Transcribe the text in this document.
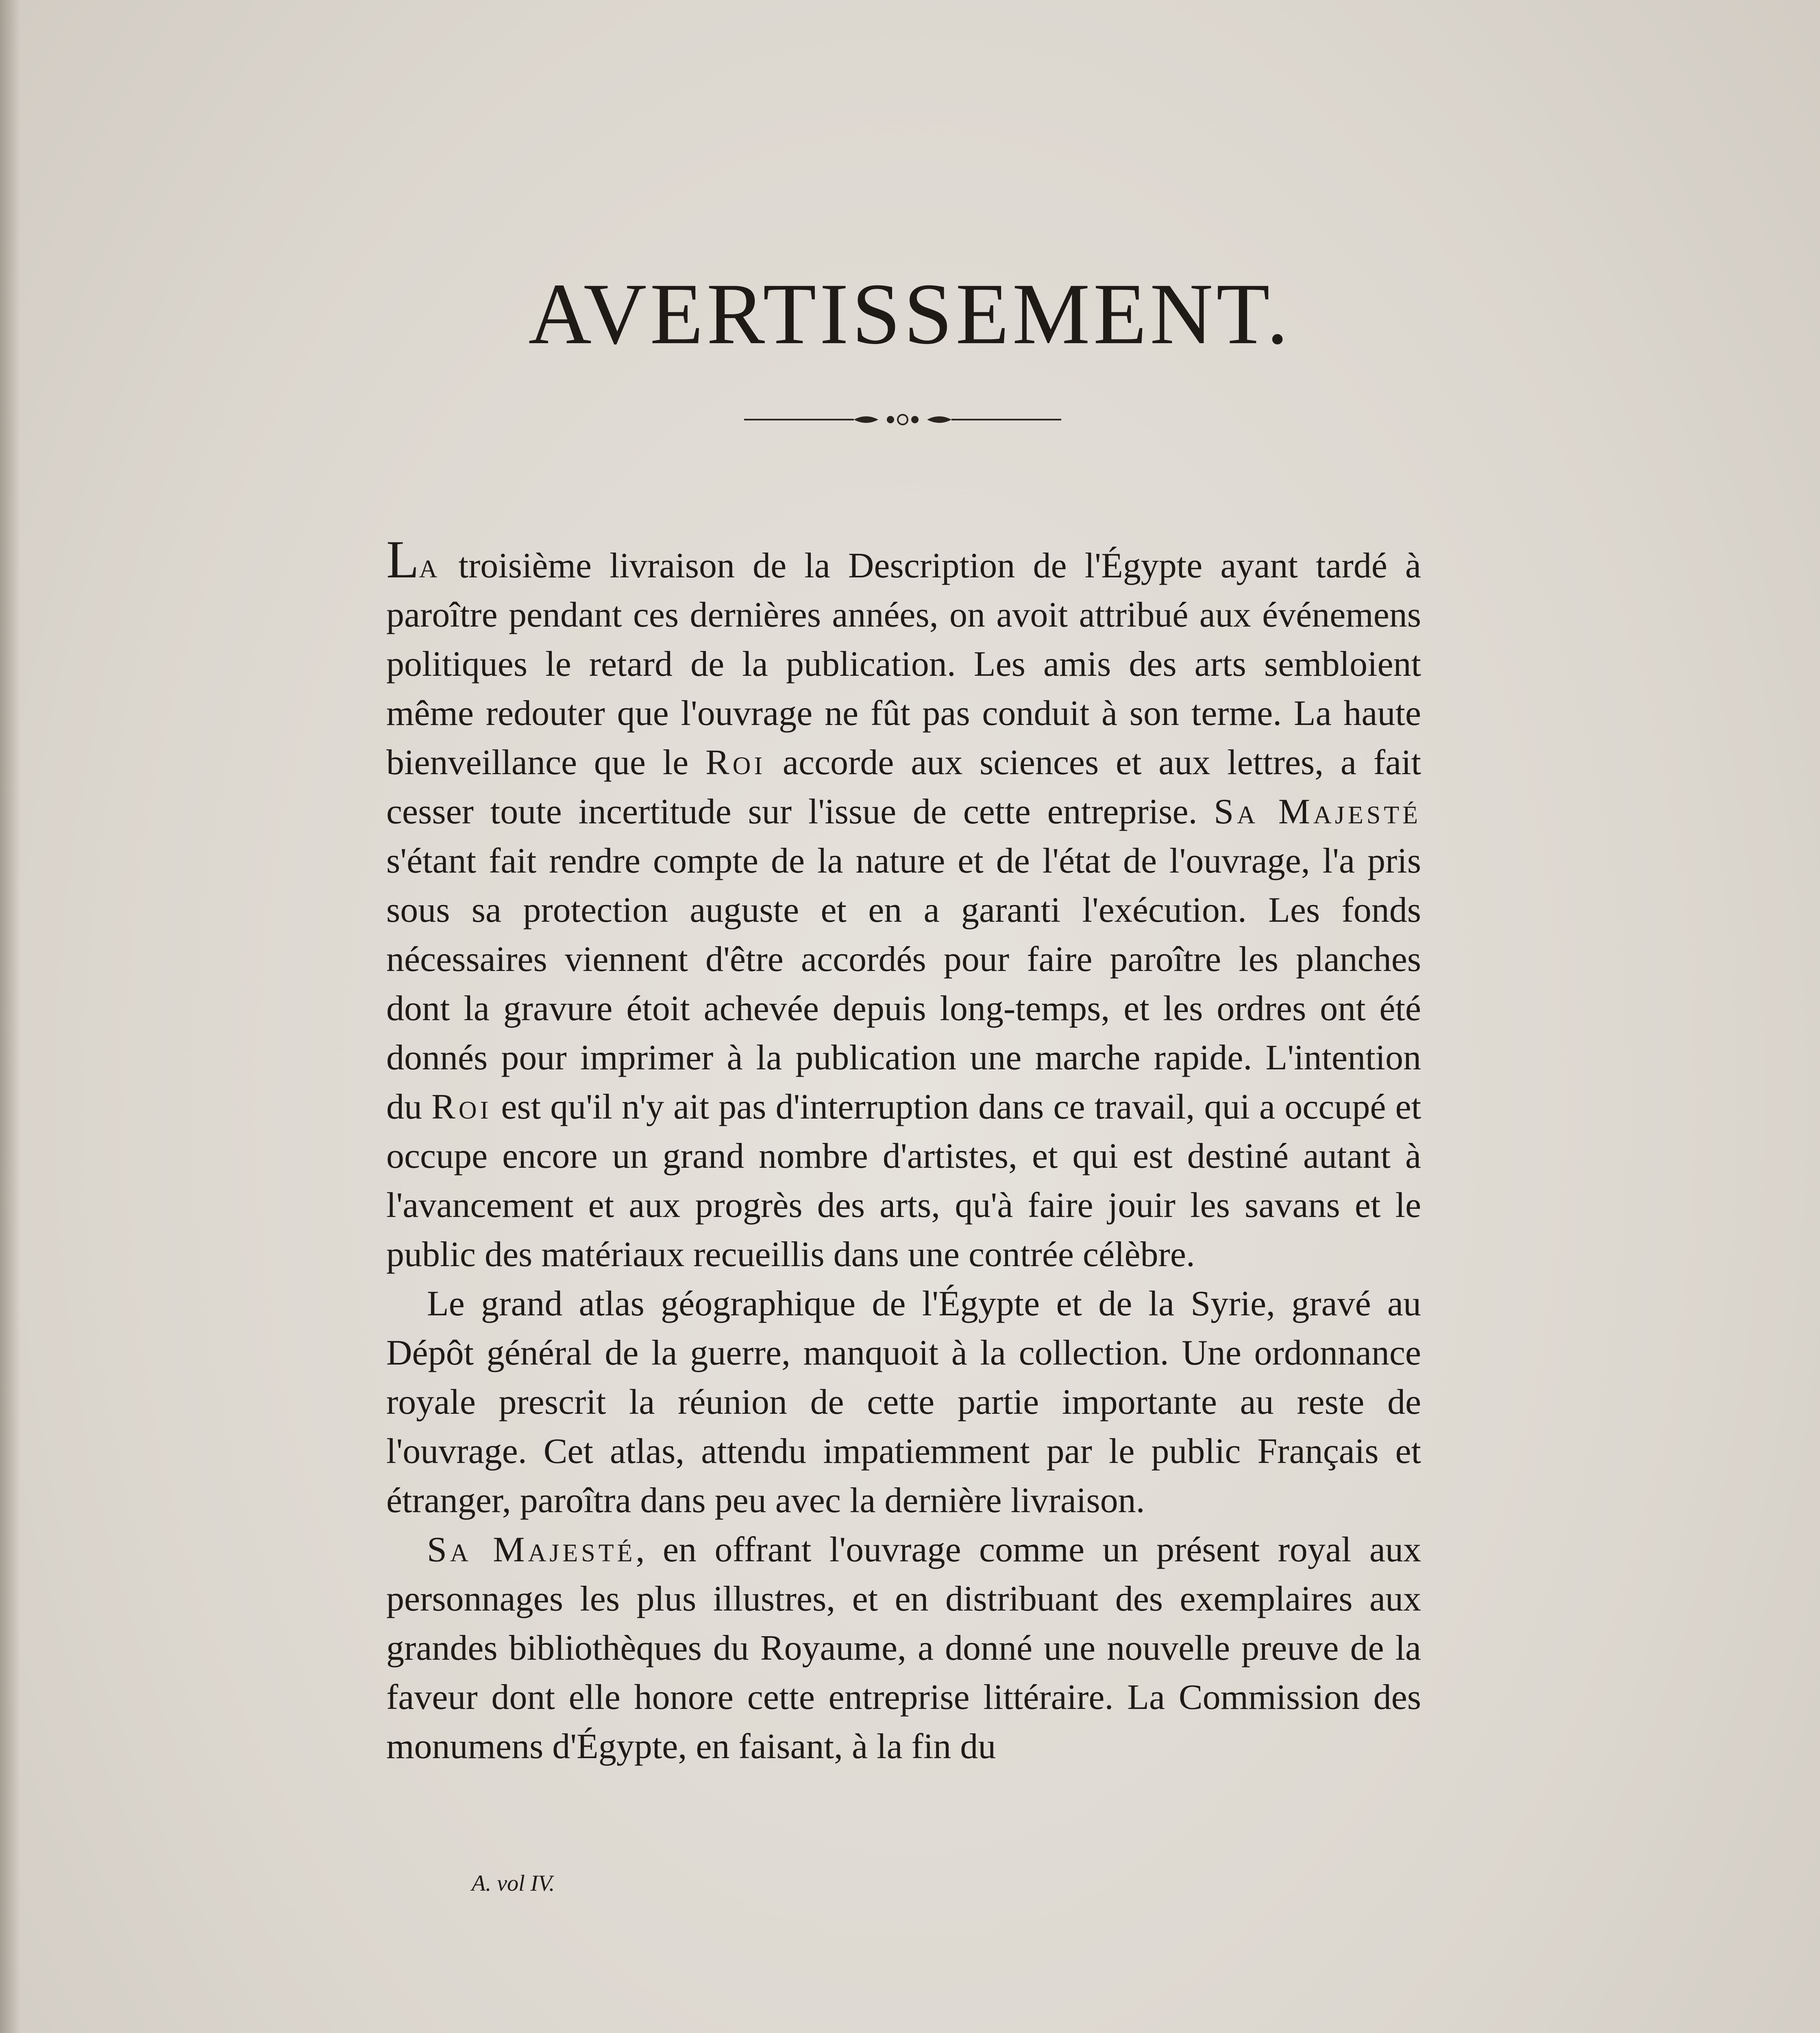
AVERTISSEMENT.

La troisième livraison de la Description de l'Égypte ayant tardé à paroître pendant ces dernières années, on avoit attribué aux événemens politiques le retard de la publication. Les amis des arts sembloient même redouter que l'ouvrage ne fût pas conduit à son terme. La haute bienveillance que le Roi accorde aux sciences et aux lettres, a fait cesser toute incertitude sur l'issue de cette entreprise. Sa Majesté s'étant fait rendre compte de la nature et de l'état de l'ouvrage, l'a pris sous sa protection auguste et en a garanti l'exécution. Les fonds nécessaires viennent d'être accordés pour faire paroître les planches dont la gravure étoit achevée depuis long-temps, et les ordres ont été donnés pour imprimer à la publication une marche rapide. L'intention du Roi est qu'il n'y ait pas d'interruption dans ce travail, qui a occupé et occupe encore un grand nombre d'artistes, et qui est destiné autant à l'avancement et aux progrès des arts, qu'à faire jouir les savans et le public des matériaux recueillis dans une contrée célèbre.

Le grand atlas géographique de l'Égypte et de la Syrie, gravé au Dépôt général de la guerre, manquoit à la collection. Une ordonnance royale prescrit la réunion de cette partie importante au reste de l'ouvrage. Cet atlas, attendu impatiemment par le public Français et étranger, paroîtra dans peu avec la dernière livraison.

Sa Majesté, en offrant l'ouvrage comme un présent royal aux personnages les plus illustres, et en distribuant des exemplaires aux grandes bibliothèques du Royaume, a donné une nouvelle preuve de la faveur dont elle honore cette entreprise littéraire. La Commission des monumens d'Égypte, en faisant, à la fin du

A. vol IV.
